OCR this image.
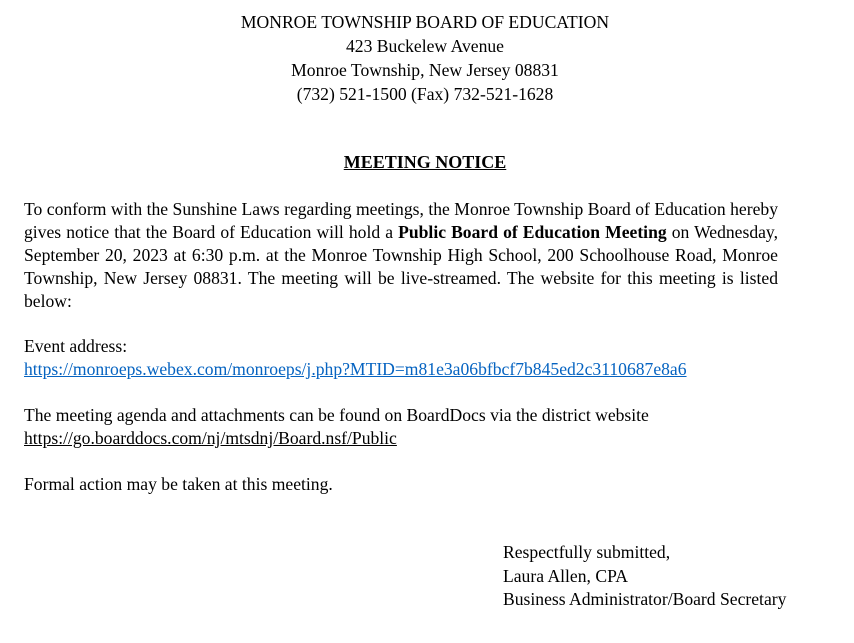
MONROE TOWNSHIP BOARD OF EDUCATION
423 Buckelew Avenue
Monroe Township, New Jersey 08831
(732) 521-1500 (Fax) 732-521-1628
MEETING NOTICE
To conform with the Sunshine Laws regarding meetings, the Monroe Township Board of Education hereby gives notice that the Board of Education will hold a Public Board of Education Meeting on Wednesday, September 20, 2023 at 6:30 p.m. at the Monroe Township High School, 200 Schoolhouse Road, Monroe Township, New Jersey 08831. The meeting will be live-streamed. The website for this meeting is listed below:
Event address:
https://monroeps.webex.com/monroeps/j.php?MTID=m81e3a06bfbcf7b845ed2c3110687e8a6
The meeting agenda and attachments can be found on BoardDocs via the district website
https://go.boarddocs.com/nj/mtsdnj/Board.nsf/Public
Formal action may be taken at this meeting.
Respectfully submitted,
Laura Allen, CPA
Business Administrator/Board Secretary
